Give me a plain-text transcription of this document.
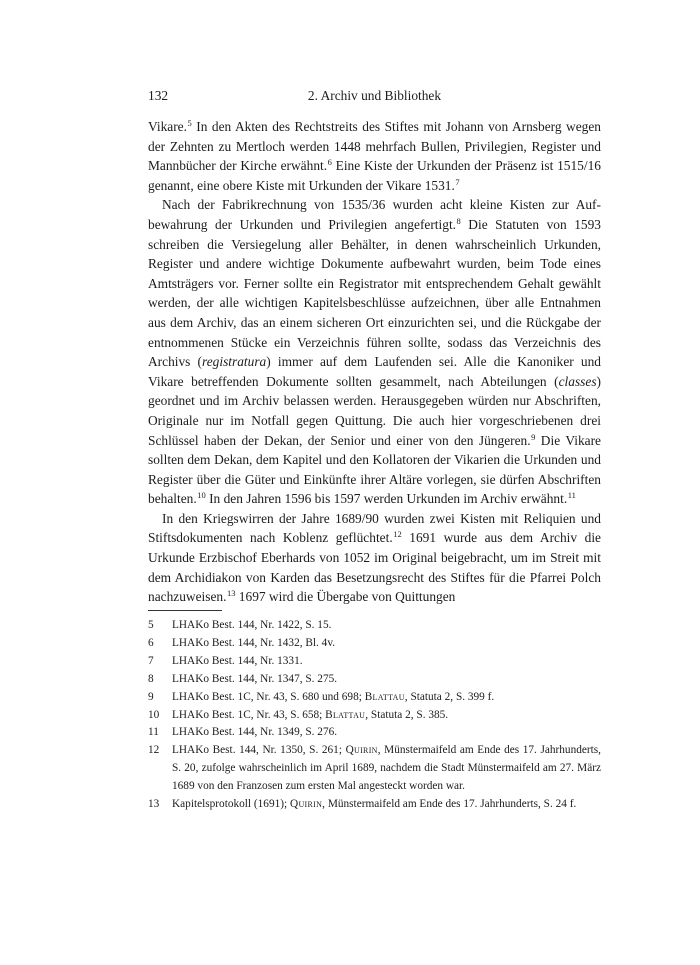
132	2. Archiv und Bibliothek

Vikare.$^5$ In den Akten des Rechtstreits des Stiftes mit Johann von Arnsberg wegen der Zehnten zu Mertloch werden 1448 mehrfach Bullen, Privilegien, Register und Mannbücher der Kirche erwähnt.$^6$ Eine Kiste der Urkunden der Präsenz ist 1515/16 genannt, eine obere Kiste mit Urkunden der Vikare 1531.$^7$

Nach der Fabrikrechnung von 1535/36 wurden acht kleine Kisten zur Aufbewahrung der Urkunden und Privilegien angefertigt.$^8$ Die Statuten von 1593 schreiben die Versiegelung aller Behälter, in denen wahrscheinlich Urkunden, Register und andere wichtige Dokumente aufbewahrt wurden, beim Tode eines Amtsträgers vor. Ferner sollte ein Registrator mit entsprechendem Gehalt gewählt werden, der alle wichtigen Kapitelsbeschlüsse aufzeichnen, über alle Entnahmen aus dem Archiv, das an einem sicheren Ort einzurichten sei, und die Rückgabe der entnommenen Stücke ein Verzeichnis führen sollte, sodass das Verzeichnis des Archivs (registratura) immer auf dem Laufenden sei. Alle die Kanoniker und Vikare betreffenden Dokumente sollten gesammelt, nach Abteilungen (classes) geordnet und im Archiv belassen werden. Herausgegeben würden nur Abschriften, Originale nur im Notfall gegen Quittung. Die auch hier vorgeschriebenen drei Schlüssel haben der Dekan, der Senior und einer von den Jüngeren.$^9$ Die Vikare sollten dem Dekan, dem Kapitel und den Kollatoren der Vikarien die Urkunden und Register über die Güter und Einkünfte ihrer Altäre vorlegen, sie dürfen Abschriften behalten.$^{10}$ In den Jahren 1596 bis 1597 werden Urkunden im Archiv erwähnt.$^{11}$

In den Kriegswirren der Jahre 1689/90 wurden zwei Kisten mit Reliquien und Stiftsdokumenten nach Koblenz geflüchtet.$^{12}$ 1691 wurde aus dem Archiv die Urkunde Erzbischof Eberhards von 1052 im Original beigebracht, um im Streit mit dem Archidiakon von Karden das Besetzungsrecht des Stiftes für die Pfarrei Polch nachzuweisen.$^{13}$ 1697 wird die Übergabe von Quittungen

5	LHAKo Best. 144, Nr. 1422, S. 15.
6	LHAKo Best. 144, Nr. 1432, Bl. 4v.
7	LHAKo Best. 144, Nr. 1331.
8	LHAKo Best. 144, Nr. 1347, S. 275.
9	LHAKo Best. 1C, Nr. 43, S. 680 und 698; Blattau, Statuta 2, S. 399 f.
10	LHAKo Best. 1C, Nr. 43, S. 658; Blattau, Statuta 2, S. 385.
11	LHAKo Best. 144, Nr. 1349, S. 276.
12	LHAKo Best. 144, Nr. 1350, S. 261; Quirin, Münstermaifeld am Ende des 17. Jahrhunderts, S. 20, zufolge wahrscheinlich im April 1689, nachdem die Stadt Münstermaifeld am 27. März 1689 von den Franzosen zum ersten Mal angesteckt worden war.
13	Kapitelsprotokoll (1691); Quirin, Münstermaifeld am Ende des 17. Jahrhunderts, S. 24 f.
